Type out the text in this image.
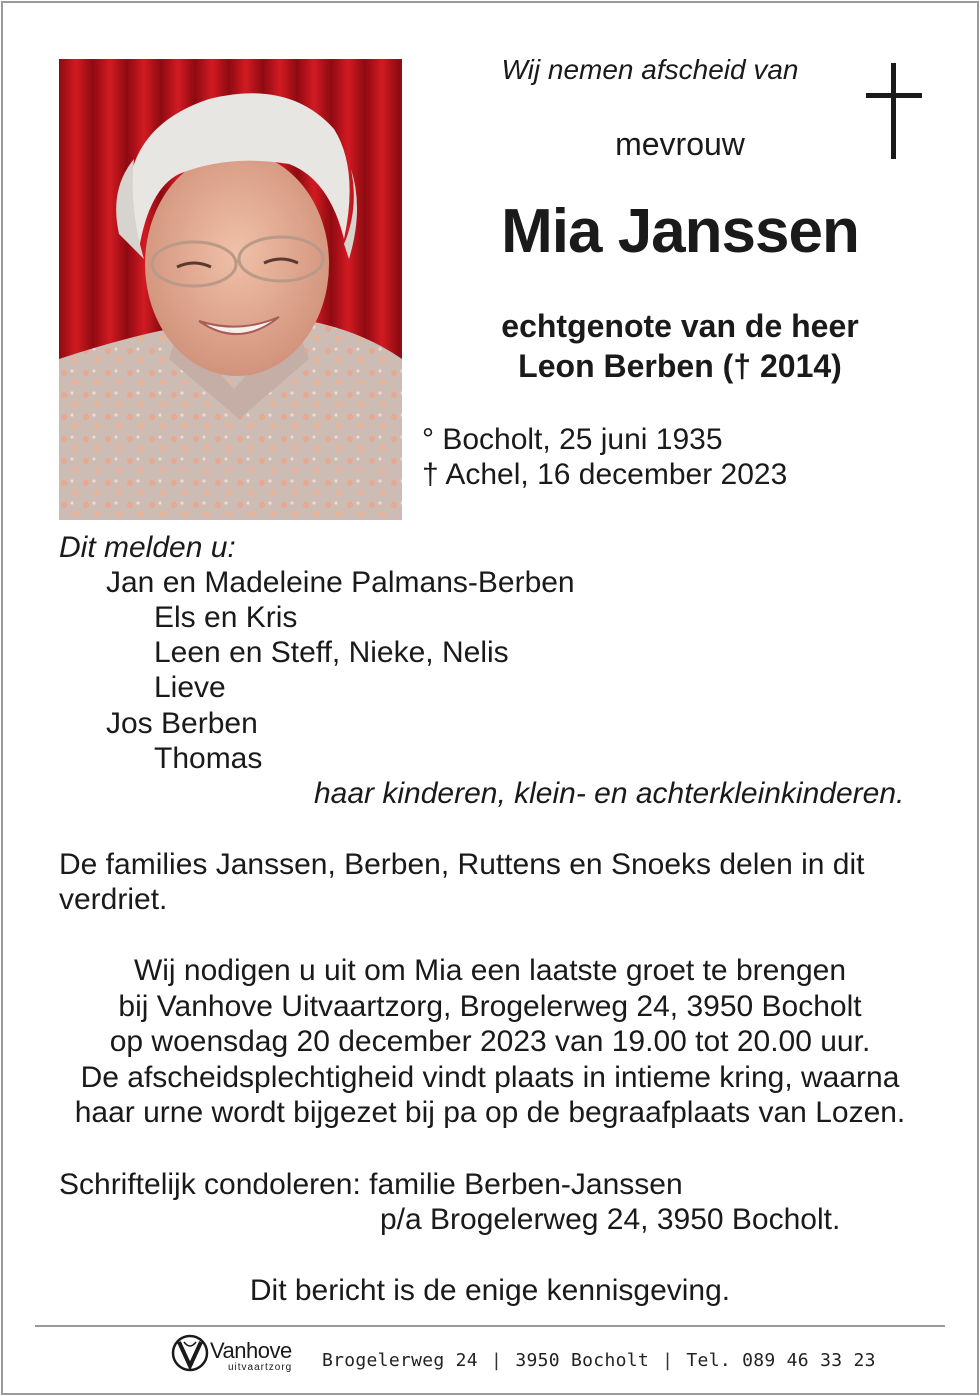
Wij nemen afscheid van
mevrouw
Mia Janssen
echtgenote van de heer
Leon Berben († 2014)
° Bocholt, 25 juni 1935
† Achel, 16 december 2023
Dit melden u:
Jan en Madeleine Palmans-Berben
Els en Kris
Leen en Steff, Nieke, Nelis
Lieve
Jos Berben
Thomas
haar kinderen, klein- en achterkleinkinderen.
De families Janssen, Berben, Ruttens en Snoeks delen in dit
verdriet.
Wij nodigen u uit om Mia een laatste groet te brengen
bij Vanhove Uitvaartzorg, Brogelerweg 24, 3950 Bocholt
op woensdag 20 december 2023 van 19.00 tot 20.00 uur.
De afscheidsplechtigheid vindt plaats in intieme kring, waarna
haar urne wordt bijgezet bij pa op de begraafplaats van Lozen.
Schriftelijk condoleren: familie Berben-Janssen
p/a Brogelerweg 24, 3950 Bocholt.
Dit bericht is de enige kennisgeving.
Vanhove
uitvaartzorg Brogelerweg 24 | 3950 Bocholt | Tel. 089 46 33 23
